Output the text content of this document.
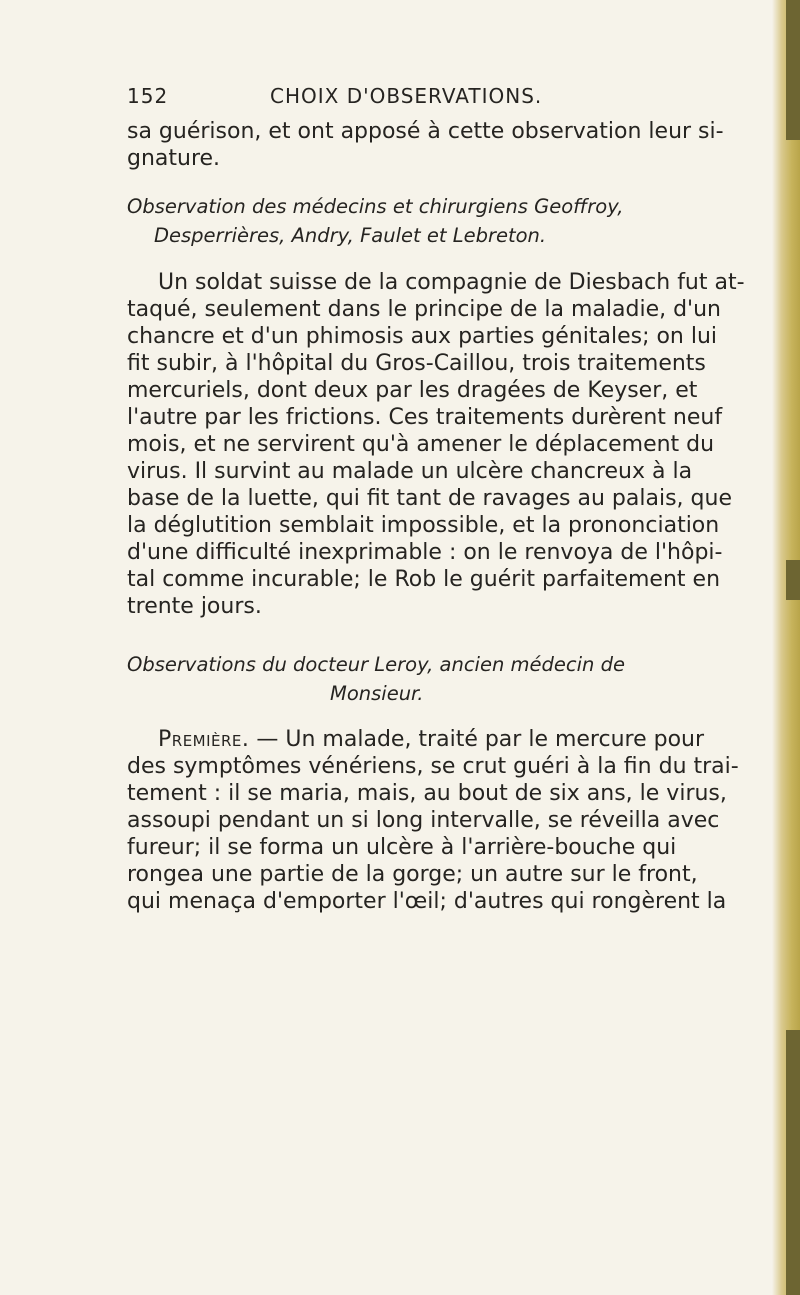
152	CHOIX D'OBSERVATIONS.

sa guérison, et ont apposé à cette observation leur si-

gnature.

Observation des médecins et chirurgiens Geoffroy,

Desperrières, Andry, Faulet et Lebreton.

Un soldat suisse de la compagnie de Diesbach fut at-

taqué, seulement dans le principe de la maladie, d'un

chancre et d'un phimosis aux parties génitales; on lui

fit subir, à l'hôpital du Gros-Caillou, trois traitements

mercuriels, dont deux par les dragées de Keyser, et

l'autre par les frictions. Ces traitements durèrent neuf

mois, et ne servirent qu'à amener le déplacement du

virus. Il survint au malade un ulcère chancreux à la

base de la luette, qui fit tant de ravages au palais, que

la déglutition semblait impossible, et la prononciation

d'une difficulté inexprimable : on le renvoya de l'hôpi-

tal comme incurable; le Rob le guérit parfaitement en

trente jours.

Observations du docteur Leroy, ancien médecin de

Monsieur.

Première. — Un malade, traité par le mercure pour

des symptômes vénériens, se crut guéri à la fin du trai-

tement : il se maria, mais, au bout de six ans, le virus,

assoupi pendant un si long intervalle, se réveilla avec

fureur; il se forma un ulcère à l'arrière-bouche qui

rongea une partie de la gorge; un autre sur le front,

qui menaça d'emporter l'œil; d'autres qui rongèrent la
